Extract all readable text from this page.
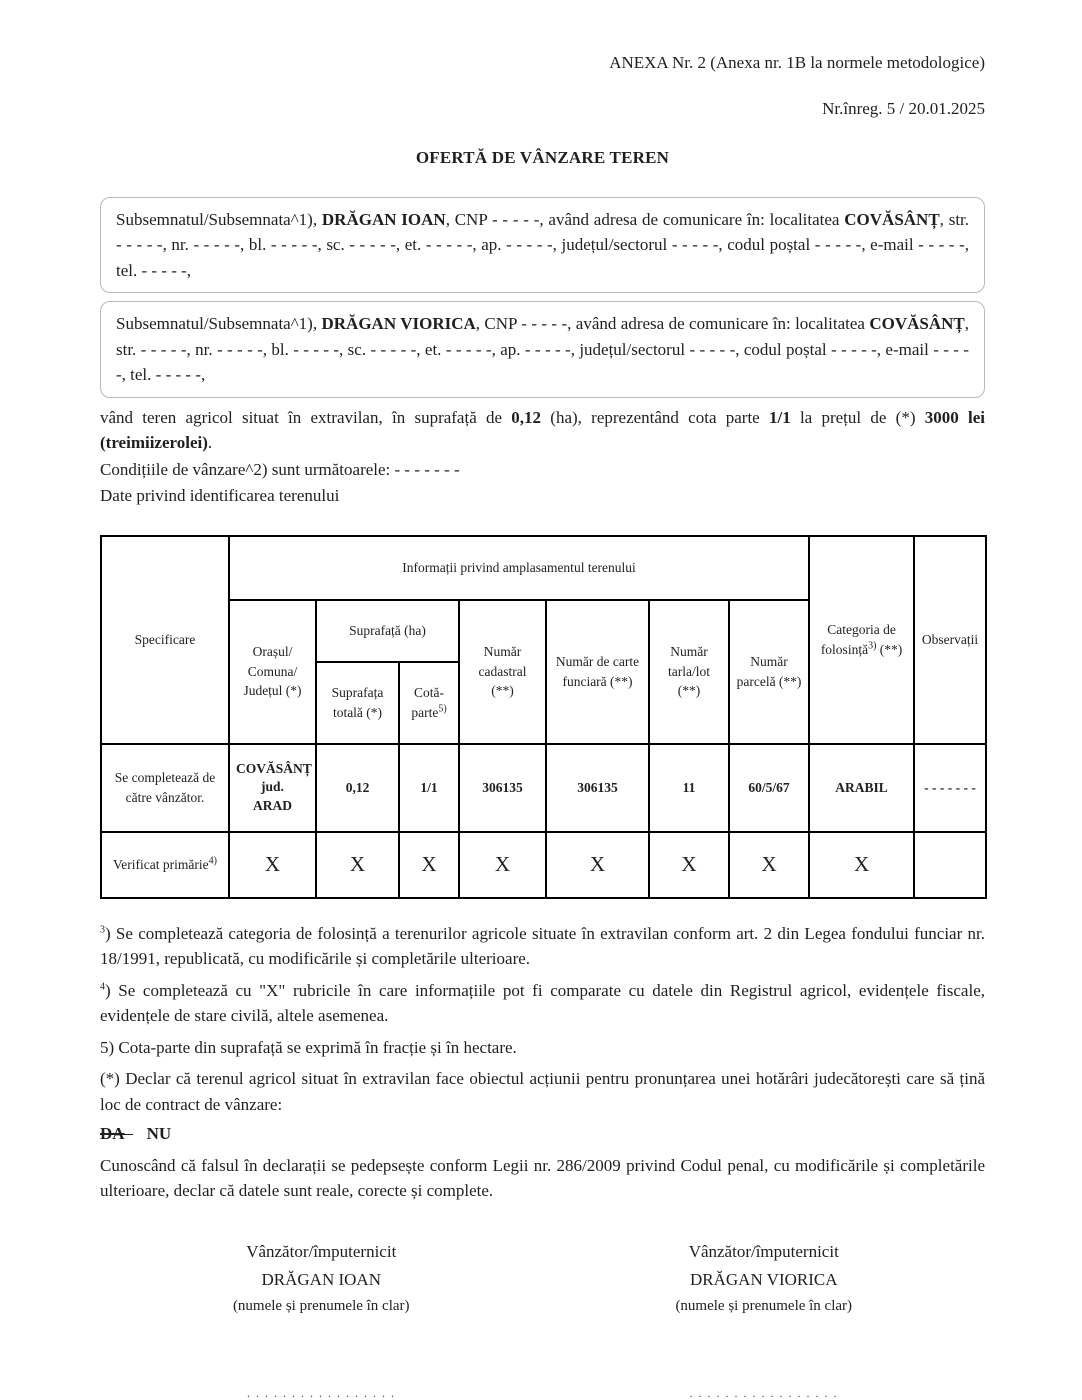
ANEXA Nr. 2 (Anexa nr. 1B la normele metodologice)
Nr.înreg. 5 / 20.01.2025
OFERTĂ DE VÂNZARE TEREN
Subsemnatul/Subsemnata^1), DRĂGAN IOAN, CNP - - - - -, având adresa de comunicare în: localitatea COVĂSÂNȚ, str. - - - - -, nr. - - - - -, bl. - - - - -, sc. - - - - -, et. - - - - -, ap. - - - - -, județul/sectorul - - - - -, codul poștal - - - - -, e-mail - - - - -, tel. - - - - -,
Subsemnatul/Subsemnata^1), DRĂGAN VIORICA, CNP - - - - -, având adresa de comunicare în: localitatea COVĂSÂNȚ, str. - - - - -, nr. - - - - -, bl. - - - - -, sc. - - - - -, et. - - - - -, ap. - - - - -, județul/sectorul - - - - -, codul poștal - - - - -, e-mail - - - - -, tel. - - - - -,
vând teren agricol situat în extravilan, în suprafață de 0,12 (ha), reprezentând cota parte 1/1 la prețul de (*) 3000 lei (treimiizerolei).
Condițiile de vânzare^2) sunt următoarele: - - - - - - -
Date privind identificarea terenului
Specificare	Informații privind amplasamentul terenului							Categoria de folosință$^{3)}$ (**)	Observații
	Orașul/ Comuna/ Județul (*)	Suprafață (ha)		Număr cadastral (**)	Număr de carte funciară (**)	Număr tarla/lot (**)	Număr parcelă (**)		
		Suprafața totală (*)	Cotă-parte$^{5)}$
Se completează de către vânzător.	COVĂSÂNȚ
jud.
ARAD	0,12	1/1	306135	306135	11	60/5/67	ARABIL	- - - - - - -
Verificat primărie$^{4)}$	X	X	X	X	X	X	X	X	
$^3$) Se completează categoria de folosință a terenurilor agricole situate în extravilan conform art. 2 din Legea fondului funciar nr. 18/1991, republicată, cu modificările și completările ulterioare.
$^4$) Se completează cu "X" rubricile în care informațiile pot fi comparate cu datele din Registrul agricol, evidențele fiscale, evidențele de stare civilă, altele asemenea.
5) Cota-parte din suprafață se exprimă în fracție și în hectare.
(*) Declar că terenul agricol situat în extravilan face obiectul acțiunii pentru pronunțarea unei hotărâri judecătorești care să țină loc de contract de vânzare:
DA NU
Cunoscând că falsul în declarații se pedepsește conform Legii nr. 286/2009 privind Codul penal, cu modificările și completările ulterioare, declar că datele sunt reale, corecte și complete.
Vânzător/împuternicit
DRĂGAN IOAN
(numele și prenumele în clar)
Vânzător/împuternicit
DRĂGAN VIORICA
(numele și prenumele în clar)
. . . . . . . . . . . . . . . . .	. . . . . . . . . . . . . . . . .
